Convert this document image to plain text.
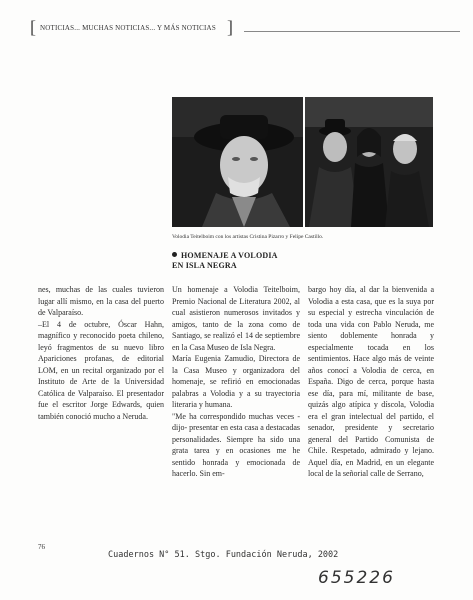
[ NOTICIAS... MUCHAS NOTICIAS... Y MÁS NOTICIAS ]
Volodia Teitelboim con los artistas Cristina Pizarro y Felipe Castillo.
HOMENAJE A VOLODIA
EN ISLA NEGRA

nes, muchas de las cuales tuvieron lugar allí mismo, en la casa del puerto de Valparaíso.

–El 4 de octubre, Óscar Hahn, magnífico y reconocido poeta chileno, leyó fragmentos de su nuevo libro Apariciones profanas, de editorial LOM, en un recital organizado por el Instituto de Arte de la Universidad Católica de Valparaíso. El presentador fue el escritor Jorge Edwards, quien también conoció mucho a Neruda.

Un homenaje a Volodia Teitelboim, Premio Nacional de Literatura 2002, al cual asistieron numerosos invitados y amigos, tanto de la zona como de Santiago, se realizó el 14 de septiembre en la Casa Museo de Isla Negra.

María Eugenia Zamudio, Directora de la Casa Museo y organizadora del homenaje, se refirió en emocionadas palabras a Volodia y a su trayectoria literaria y humana.

"Me ha correspondido muchas veces -dijo- presentar en esta casa a destacadas personalidades. Siempre ha sido una grata tarea y en ocasiones me he sentido honrada y emocionada de hacerlo. Sin em-

bargo hoy día, al dar la bienvenida a Volodia a esta casa, que es la suya por su especial y estrecha vinculación de toda una vida con Pablo Neruda, me siento doblemente honrada y especialmente tocada en los sentimientos. Hace algo más de veinte años conocí a Volodia de cerca, en España. Digo de cerca, porque hasta ese día, para mí, militante de base, quizás algo atípica y díscola, Volodia era el gran intelectual del partido, el senador, presidente y secretario general del Partido Comunista de Chile. Respetado, admirado y lejano. Aquel día, en Madrid, en un elegante local de la señorial calle de Serrano,

76
Cuadernos N° 51. Stgo. Fundación Neruda, 2002
655226
